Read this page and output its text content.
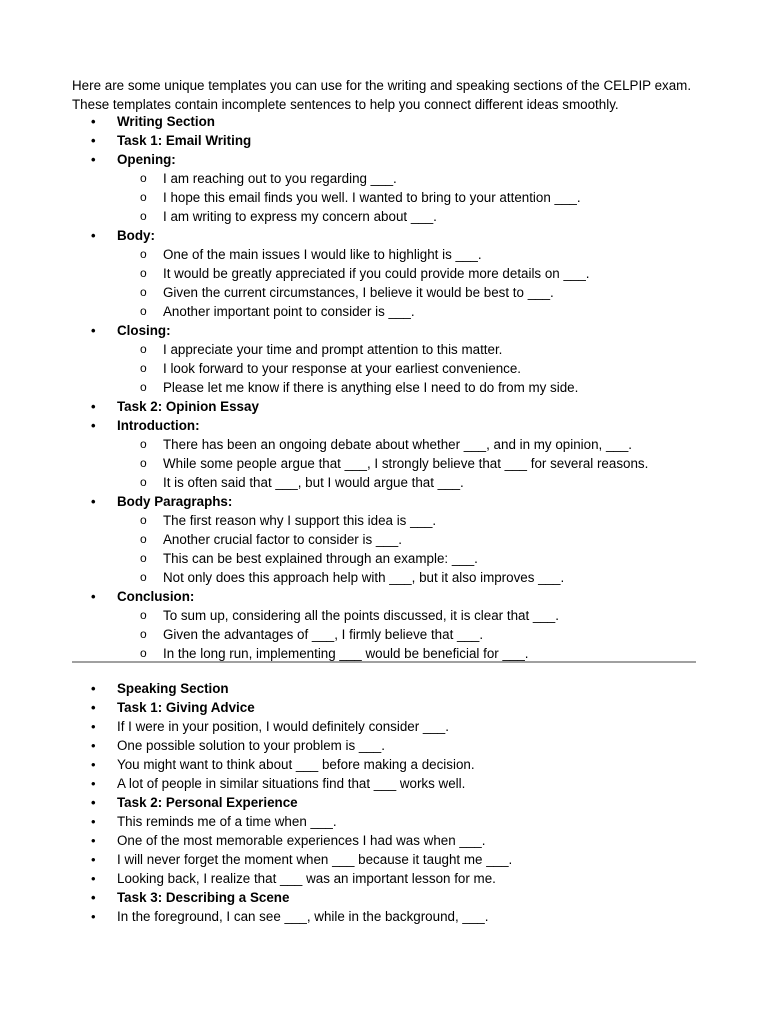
Here are some unique templates you can use for the writing and speaking sections of the CELPIP exam. These templates contain incomplete sentences to help you connect different ideas smoothly.

• Writing Section
• Task 1: Email Writing
• Opening:
o I am reaching out to you regarding ___.
o I hope this email finds you well. I wanted to bring to your attention ___.
o I am writing to express my concern about ___.
• Body:
o One of the main issues I would like to highlight is ___.
o It would be greatly appreciated if you could provide more details on ___.
o Given the current circumstances, I believe it would be best to ___.
o Another important point to consider is ___.
• Closing:
o I appreciate your time and prompt attention to this matter.
o I look forward to your response at your earliest convenience.
o Please let me know if there is anything else I need to do from my side.
• Task 2: Opinion Essay
• Introduction:
o There has been an ongoing debate about whether ___, and in my opinion, ___.
o While some people argue that ___, I strongly believe that ___ for several reasons.
o It is often said that ___, but I would argue that ___.
• Body Paragraphs:
o The first reason why I support this idea is ___.
o Another crucial factor to consider is ___.
o This can be best explained through an example: ___.
o Not only does this approach help with ___, but it also improves ___.
• Conclusion:
o To sum up, considering all the points discussed, it is clear that ___.
o Given the advantages of ___, I firmly believe that ___.
o In the long run, implementing ___ would be beneficial for ___.
• Speaking Section
• Task 1: Giving Advice
• If I were in your position, I would definitely consider ___.
• One possible solution to your problem is ___.
• You might want to think about ___ before making a decision.
• A lot of people in similar situations find that ___ works well.
• Task 2: Personal Experience
• This reminds me of a time when ___.
• One of the most memorable experiences I had was when ___.
• I will never forget the moment when ___ because it taught me ___.
• Looking back, I realize that ___ was an important lesson for me.
• Task 3: Describing a Scene
• In the foreground, I can see ___, while in the background, ___.
